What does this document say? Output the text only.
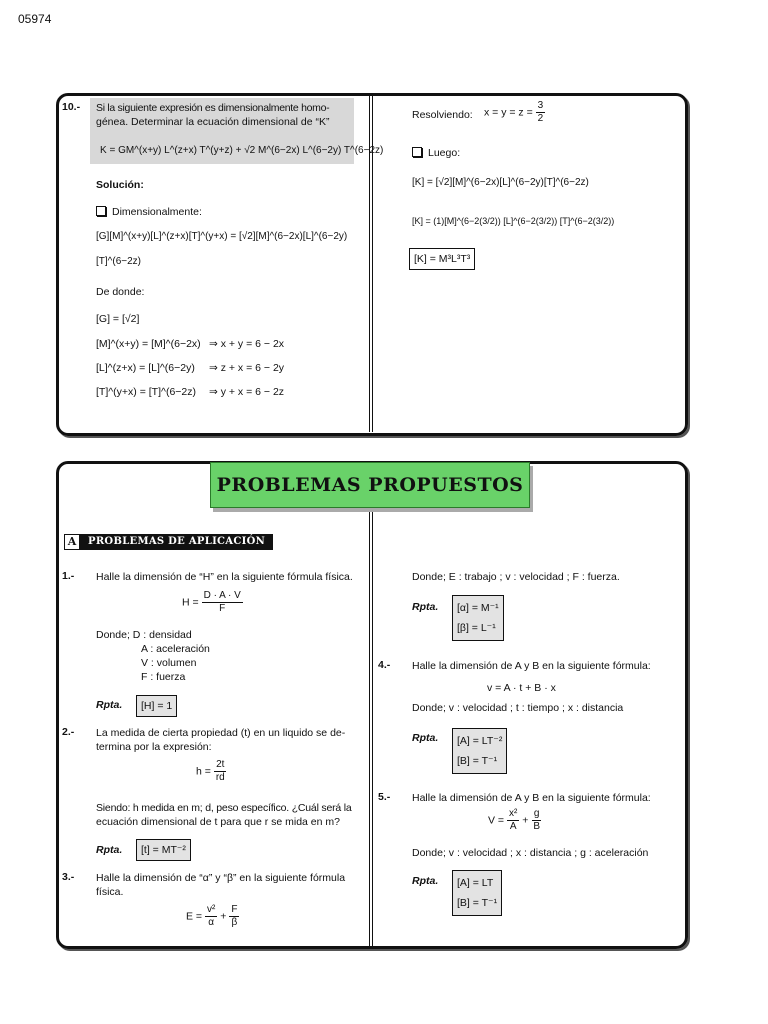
05974
10.- Si la siguiente expresión es dimensionalmente homo-
génea. Determinar la ecuación dimensional de “K”
K = GM^(x+y) L^(z+x) T^(y+z) + √2 M^(6−2x) L^(6−2y) T^(6−2z)
Solución:
Dimensionalmente:
[G][M]^(x+y)[L]^(z+x)[T]^(y+x) = [√2][M]^(6−2x)[L]^(6−2y)
[T]^(6−2z)
De donde:
[G] = [√2]
[M]^(x+y) = [M]^(6−2x) ⇒ x + y = 6 − 2x
[L]^(z+x) = [L]^(6−2y) ⇒ z + x = 6 − 2y
[T]^(y+x) = [T]^(6−2z) ⇒ y + x = 6 − 2z
Resolviendo: $x = y = z = \frac{3}{2}$
Luego:
[K] = [√2][M]^(6−2x)[L]^(6−2y)[T]^(6−2z)
[K] = (1)[M]^(6−2(3/2)) [L]^(6−2(3/2)) [T]^(6−2(3/2))
[K] = M³L³T³
PROBLEMAS PROPUESTOS
A	PROBLEMAS DE APLICACIÓN
1.- Halle la dimensión de “H” en la siguiente fórmula física.
$H = \frac{D \cdot A \cdot V}{F}$
Donde; D : densidad
A : aceleración
V : volumen
F : fuerza
Rpta.	[H] = 1
2.- La medida de cierta propiedad (t) en un liquido se de-
termina por la expresión:
$h = \frac{2t}{rd}$
Siendo: h medida en m; d, peso específico. ¿Cuál será la
ecuación dimensional de t para que r se mida en m?
Rpta.	[t] = MT⁻²
3.- Halle la dimensión de “α” y “β” en la siguiente fórmula
física.
$E = \frac{\text{v²}}{\alpha} + \frac{F}{\beta}$
Donde; E : trabajo ; v : velocidad ; F : fuerza.
Rpta. [α] = M⁻¹
[β] = L⁻¹
4.- Halle la dimensión de A y B en la siguiente fórmula:
v = A · t + B · x
Donde; v : velocidad ; t : tiempo ; x : distancia
Rpta. [A] = LT⁻²
[B] = T⁻¹
5.- Halle la dimensión de A y B en la siguiente fórmula:
$V = \frac{\text{x²}}{A} + \frac{g}{B}$
Donde; v : velocidad ; x : distancia ; g : aceleración
Rpta. [A] = LT
[B] = T⁻¹
